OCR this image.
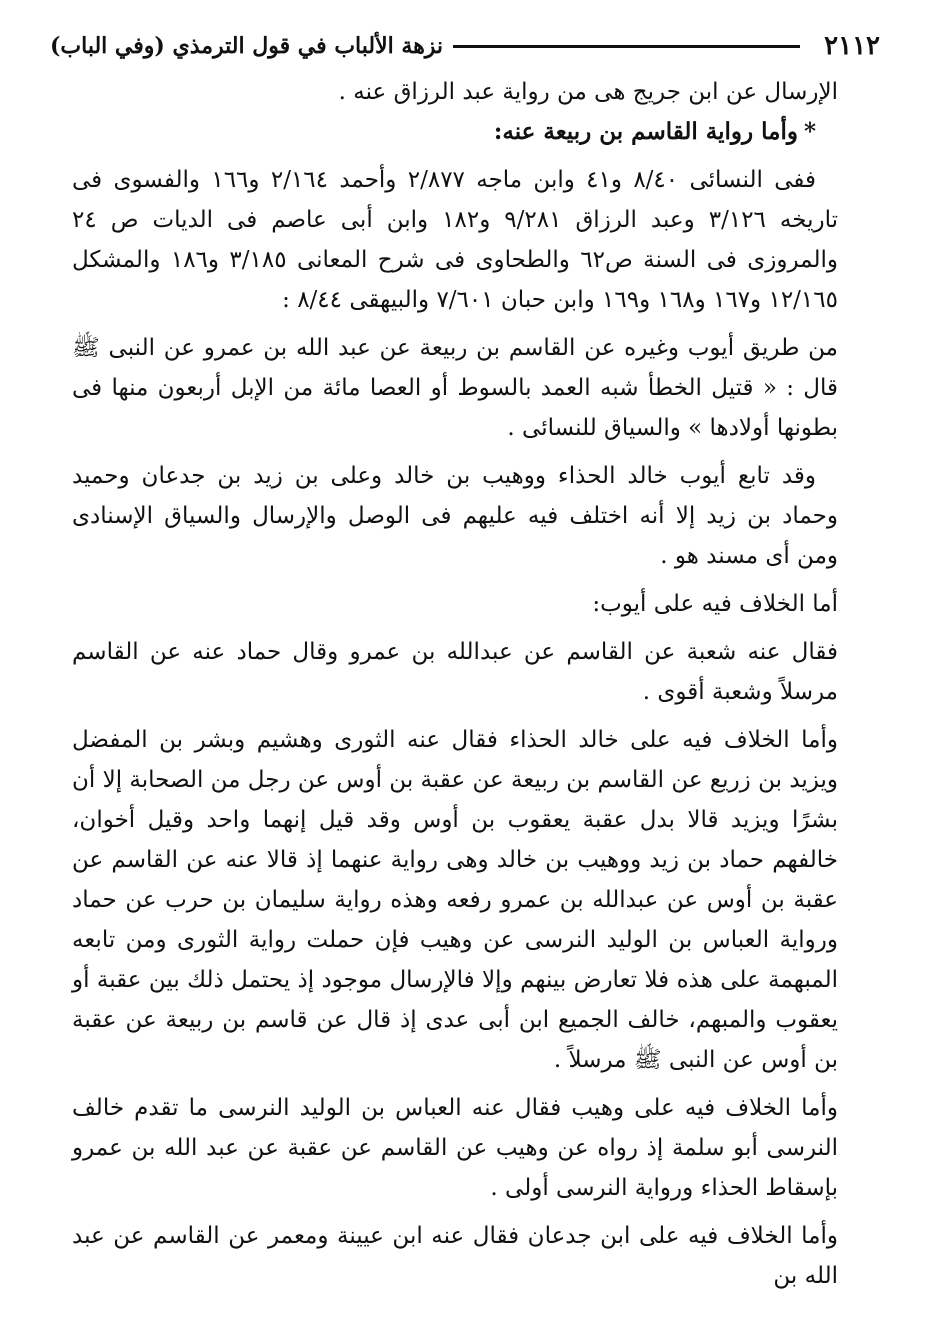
٢١١٢
نزهة الألباب في قول الترمذي (وفي الباب)

الإرسال عن ابن جريج هى من رواية عبد الرزاق عنه .

*وأما رواية القاسم بن ربيعة عنه:

ففى النسائى ٨/٤٠ و٤١ وابن ماجه ٢/٨٧٧ وأحمد ٢/١٦٤ و١٦٦ والفسوى فى تاريخه ٣/١٢٦ وعبد الرزاق ٩/٢٨١ و١٨٢ وابن أبى عاصم فى الديات ص ٢٤ والمروزى فى السنة ص٦٢ والطحاوى فى شرح المعانى ٣/١٨٥ و١٨٦ والمشكل ١٢/١٦٥ و١٦٧ و١٦٨ و١٦٩ وابن حبان ٧/٦٠١ والبيهقى ٨/٤٤ :

من طريق أيوب وغيره عن القاسم بن ربيعة عن عبد الله بن عمرو عن النبى ﷺ قال : « قتيل الخطأ شبه العمد بالسوط أو العصا مائة من الإبل أربعون منها فى بطونها أولادها » والسياق للنسائى .

وقد تابع أيوب خالد الحذاء ووهيب بن خالد وعلى بن زيد بن جدعان وحميد وحماد بن زيد إلا أنه اختلف فيه عليهم فى الوصل والإرسال والسياق الإسنادى ومن أى مسند هو .

أما الخلاف فيه على أيوب:

فقال عنه شعبة عن القاسم عن عبدالله بن عمرو وقال حماد عنه عن القاسم مرسلاً وشعبة أقوى .

وأما الخلاف فيه على خالد الحذاء فقال عنه الثورى وهشيم وبشر بن المفضل ويزيد بن زريع عن القاسم بن ربيعة عن عقبة بن أوس عن رجل من الصحابة إلا أن بشرًا ويزيد قالا بدل عقبة يعقوب بن أوس وقد قيل إنهما واحد وقيل أخوان، خالفهم حماد بن زيد ووهيب بن خالد وهى رواية عنهما إذ قالا عنه عن القاسم عن عقبة بن أوس عن عبدالله بن عمرو رفعه وهذه رواية سليمان بن حرب عن حماد ورواية العباس بن الوليد النرسى عن وهيب فإن حملت رواية الثورى ومن تابعه المبهمة على هذه فلا تعارض بينهم وإلا فالإرسال موجود إذ يحتمل ذلك بين عقبة أو يعقوب والمبهم، خالف الجميع ابن أبى عدى إذ قال عن قاسم بن ربيعة عن عقبة بن أوس عن النبى ﷺ مرسلاً .

وأما الخلاف فيه على وهيب فقال عنه العباس بن الوليد النرسى ما تقدم خالف النرسى أبو سلمة إذ رواه عن وهيب عن القاسم عن عقبة عن عبد الله بن عمرو بإسقاط الحذاء ورواية النرسى أولى .

وأما الخلاف فيه على ابن جدعان فقال عنه ابن عيينة ومعمر عن القاسم عن عبد الله بن
